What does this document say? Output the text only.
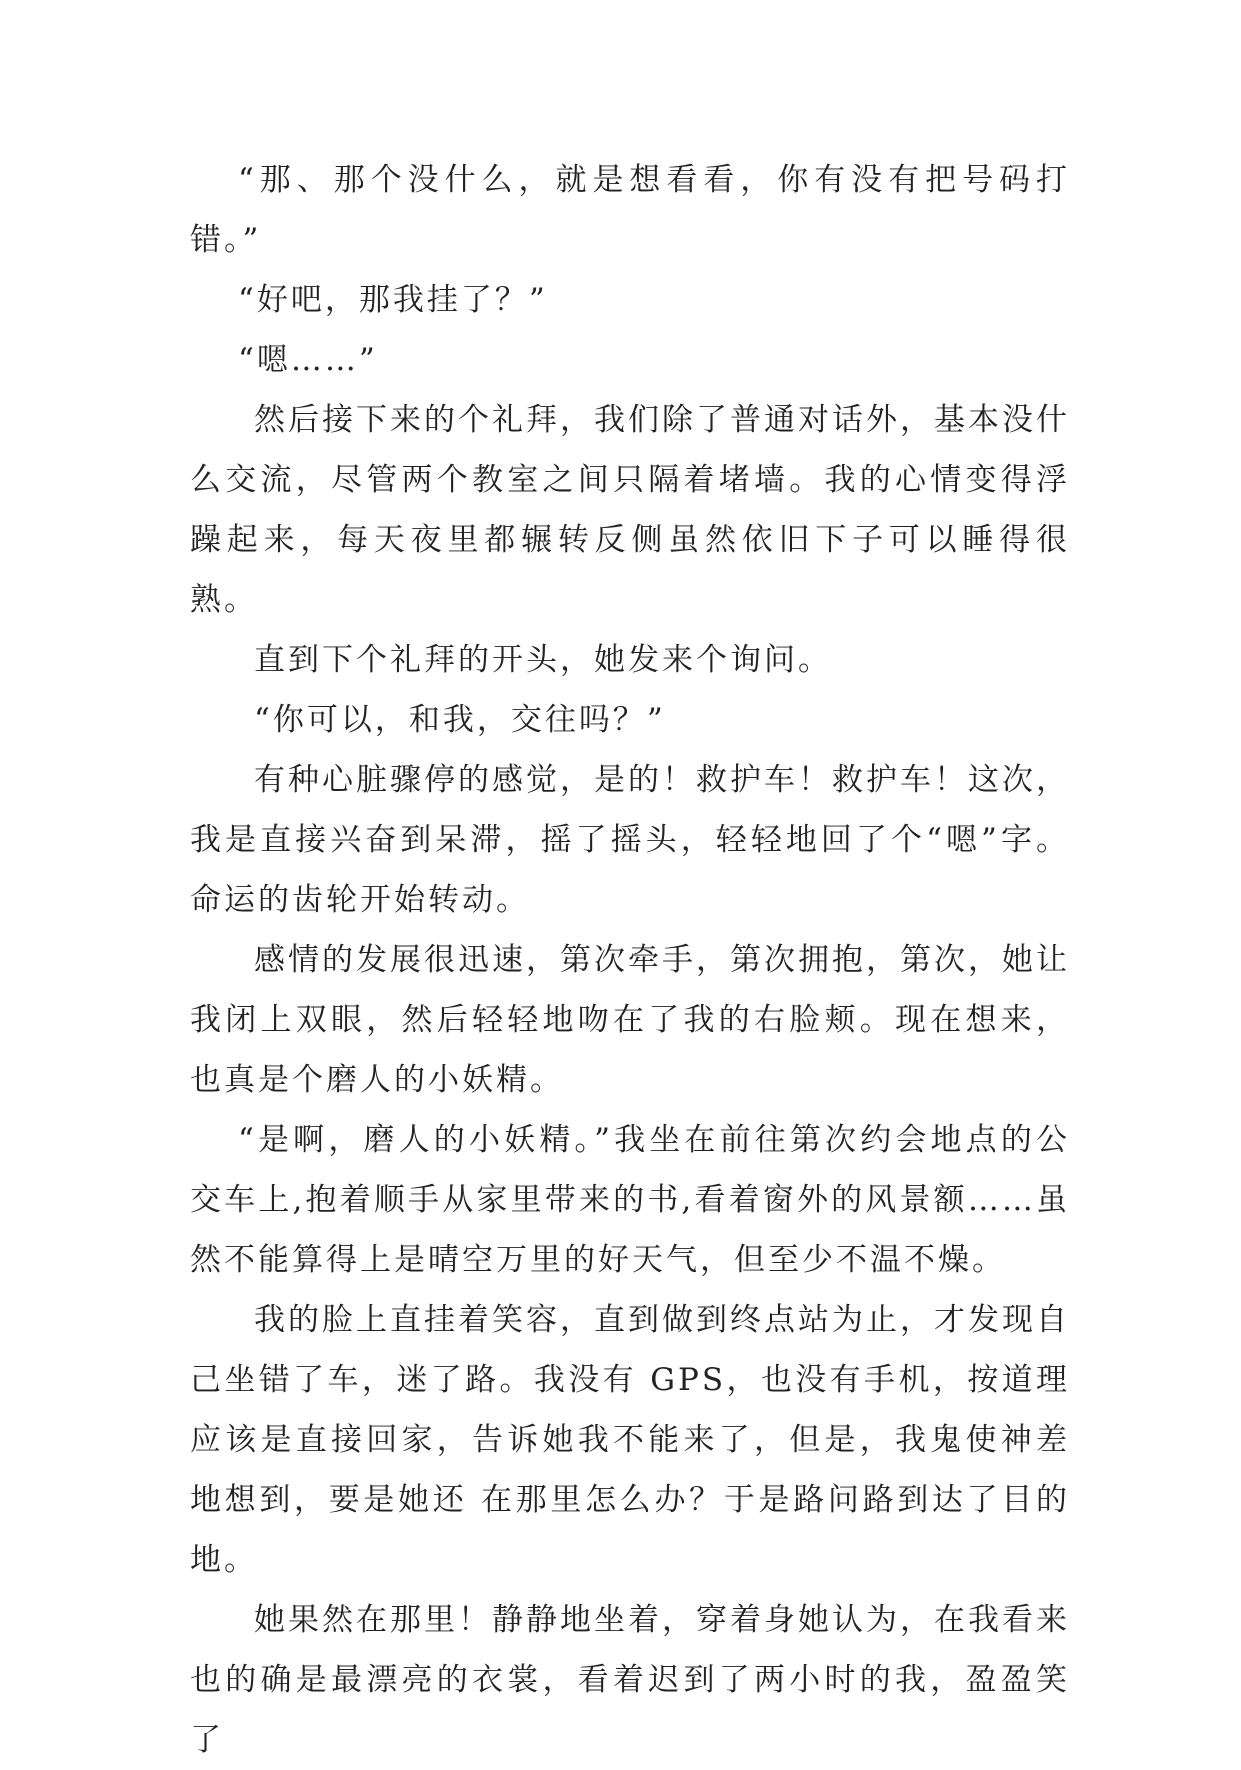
“那、那个没什么，就是想看看，你有没有把号码打错。”

“好吧，那我挂了？”

“嗯……”

然后接下来的个礼拜，我们除了普通对话外，基本没什么交流，尽管两个教室之间只隔着堵墙。我的心情变得浮躁起来，每天夜里都辗转反侧虽然依旧下子可以睡得很熟。

直到下个礼拜的开头，她发来个询问。

“你可以，和我，交往吗？”

有种心脏骤停的感觉，是的！救护车！救护车！这次，我是直接兴奋到呆滞，摇了摇头，轻轻地回了个“嗯”字。命运的齿轮开始转动。

感情的发展很迅速，第次牵手，第次拥抱，第次，她让我闭上双眼，然后轻轻地吻在了我的右脸颊。现在想来，也真是个磨人的小妖精。

“是啊，磨人的小妖精。”我坐在前往第次约会地点的公交车上,抱着顺手从家里带来的书,看着窗外的风景额……虽然不能算得上是晴空万里的好天气，但至少不温不燥。

我的脸上直挂着笑容，直到做到终点站为止，才发现自己坐错了车，迷了路。我没有 GPS，也没有手机，按道理应该是直接回家，告诉她我不能来了，但是，我鬼使神差地想到，要是她还 在那里怎么办？于是路问路到达了目的地。

她果然在那里！静静地坐着，穿着身她认为，在我看来也的确是最漂亮的衣裳，看着迟到了两小时的我，盈盈笑了
